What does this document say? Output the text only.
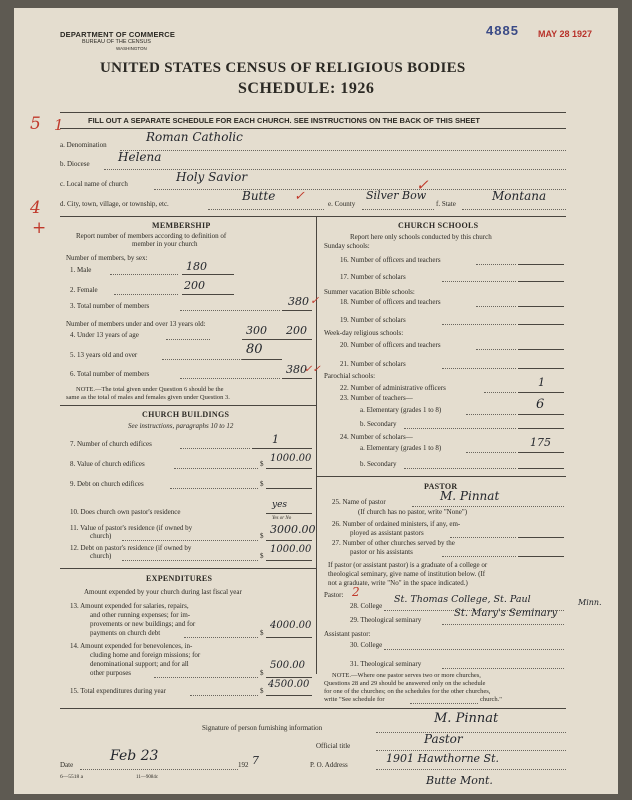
DEPARTMENT OF COMMERCE
BUREAU OF THE CENSUS
WASHINGTON
4885 MAY 28 1927
UNITED STATES CENSUS OF RELIGIOUS BODIES
SCHEDULE: 1926
5 1
4
+
FILL OUT A SEPARATE SCHEDULE FOR EACH CHURCH. SEE INSTRUCTIONS ON THE BACK OF THIS SHEET
a. Denomination
Roman Catholic
b. Diocese Helena
c. Local name of church	Holy Savior
d. City, town, village, or township, etc.
Butte ✓	e. County
Silver Bow
✓
f. State
Montana
MEMBERSHIP
Report number of members according to definition of
member in your church
Number of members, by sex:
1. Male	180
2. Female	200
3. Total number of members	380 ✓
Number of members under and over 13 years old:
4. Under 13 years of age	300 200
5. 13 years old and over	80
6. Total number of members	380
✓✓
NOTE.—The total given under Question 6 should be the
same as the total of males and females given under Question 3.
CHURCH BUILDINGS
See instructions, paragraphs 10 to 12
7. Number of church edifices	1
8. Value of church edifices	$ 1000.00
9. Debt on church edifices	$
10. Does church own pastor's residence
yes
Yes or No
11. Value of pastor's residence (if owned by
church)	$ 3000.00
12. Debt on pastor's residence (if owned by
church)	$
1000.00
EXPENDITURES
Amount expended by your church during last fiscal year
13. Amount expended for salaries, repairs,
and other running expenses; for im-
provements or new buildings; and for
payments on church debt	$
4000.00
14. Amount expended for benevolences, in-
cluding home and foreign missions; for
denominational support; and for all
other purposes	$
500.00
15. Total expenditures during year	$
4500.00
CHURCH SCHOOLS
Report here only schools conducted by this church
Sunday schools:
16. Number of officers and teachers
17. Number of scholars
Summer vacation Bible schools:
18. Number of officers and teachers
19. Number of scholars
Week-day religious schools:
20. Number of officers and teachers
21. Number of scholars
Parochial schools:
22. Number of administrative officers	1
23. Number of teachers—
a. Elementary (grades 1 to 8)	6
b. Secondary
24. Number of scholars—
a. Elementary (grades 1 to 8)	175
b. Secondary
PASTOR
25. Name of pastor	M. Pinnat
(If church has no pastor, write "None")
26. Number of ordained ministers, if any, em-
ployed as assistant pastors
27. Number of other churches served by the
pastor or his assistants
If pastor (or assistant pastor) is a graduate of a college or
theological seminary, give name of institution below. (If
not a graduate, write "No" in the space indicated.)
Pastor: 2
28. College
St. Thomas College, St. Paul	Minn.
29. Theological seminary
St. Mary's Seminary
Assistant pastor:
30. College
31. Theological seminary
NOTE.—Where one pastor serves two or more churches,
Questions 28 and 29 should be answered only on the schedule
for one of the churches; on the schedules for the other churches,
write "See schedule for	church."
Signature of person furnishing information
M. Pinnat
Official title	Pastor
Date
Feb 23
192 7	P. O. Address	1901 Hawthorne St.
Butte Mont.
6—5518 a	11—9084c
